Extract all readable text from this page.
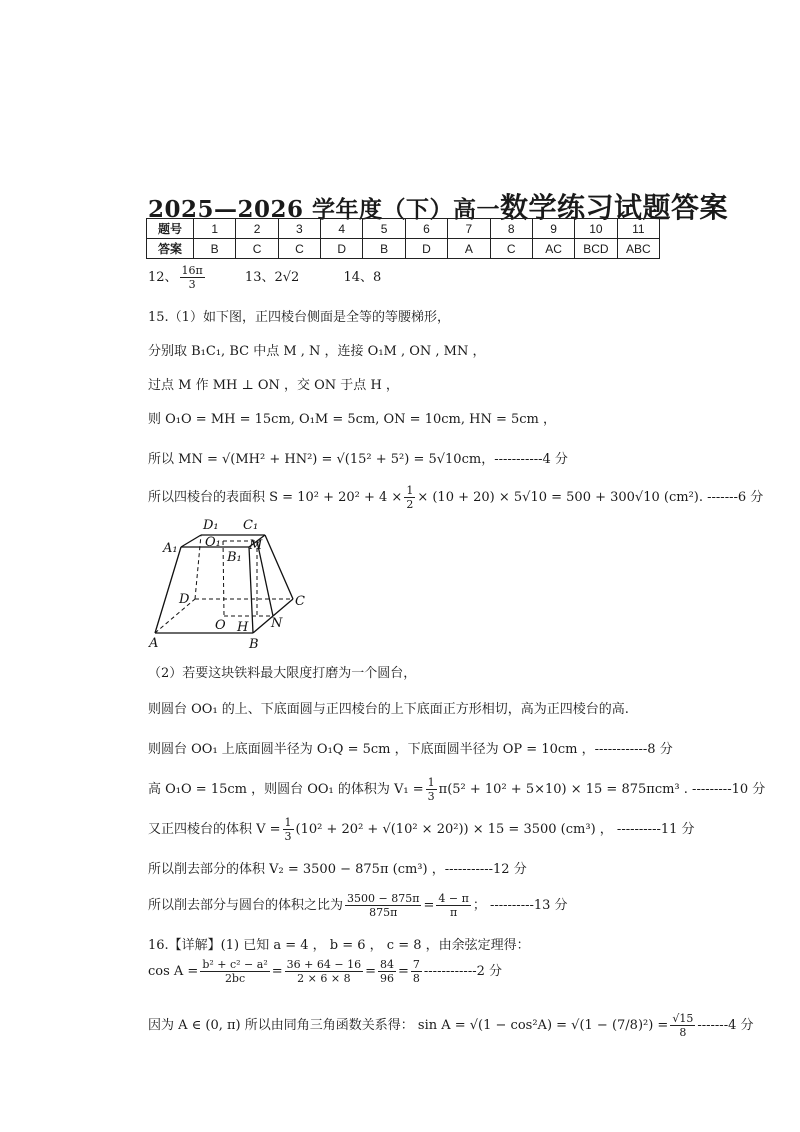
2025—2026 学年度（下）高一数学练习试题答案
题号	1	2	3	4	5	6	7	8	9	10	11
答案	B	C	C	D	B	D	A	C	AC	BCD	ABC
12、 $\frac{16\pi}{3}$	13、2√2	14、8
15.（1）如下图，正四棱台侧面是全等的等腰梯形，
分别取 B₁C₁, BC 中点 M , N ，连接 O₁M , ON , MN ，
过点 M 作 MH ⊥ ON ，交 ON 于点 H ，
则 O₁O = MH = 15cm, O₁M = 5cm, ON = 10cm, HN = 5cm ，
所以 MN = √(MH² + HN²) = √(15² + 5²) = 5√10cm，-----------4 分
所以四棱台的表面积 $S = 10^2 + 20^2 + 4 \times \frac{1}{2} \times (10 + 20) \times 5√10 = 500 + 300√10$ (cm²). -------6 分
D₁ C₁
A₁ O₁
B₁
M
D	C
O H N
A	B
（2）若要这块铁料最大限度打磨为一个圆台，
则圆台 OO₁ 的上、下底面圆与正四棱台的上下底面正方形相切，高为正四棱台的高.
则圆台 OO₁ 上底面圆半径为 O₁Q = 5cm ，下底面圆半径为 OP = 10cm ，------------8 分
高 O₁O = 15cm ，则圆台 OO₁ 的体积为 $V_1 = \frac{1}{3} \pi(5^2 + 10^2 + 5\times 10) \times 15 = 875\pi cm^3$ . ---------10 分
又正四棱台的体积 $V = \frac{1}{3} (10^2 + 20^2 + √(10^2 \times 20^2)) \times 15 = 3500$ (cm³) ， ----------11 分
所以削去部分的体积 V₂ = 3500 − 875π (cm³) ，-----------12 分
所以削去部分与圆台的体积之比为 $\frac{3500 - 875\pi}{875\pi} = \frac{4 - \pi}{\pi}$ ； ----------13 分
16.【详解】(1) 已知 a = 4 ， b = 6 ， c = 8 ，由余弦定理得：
$\cos A = \frac{\text{b² + c² − a²}}{2bc} = \frac{36 + 64 - 16}{2 \times 6 \times 8} = \frac{84}{96} = \frac{7}{8} ------------2$ 分
因为 A ∈ (0, π) 所以由同角三角函数关系得： $\sin A = √(1 - \cos^2A) = √(1 - (7/8)^2) = \frac{√15}{8} -------4$ 分
